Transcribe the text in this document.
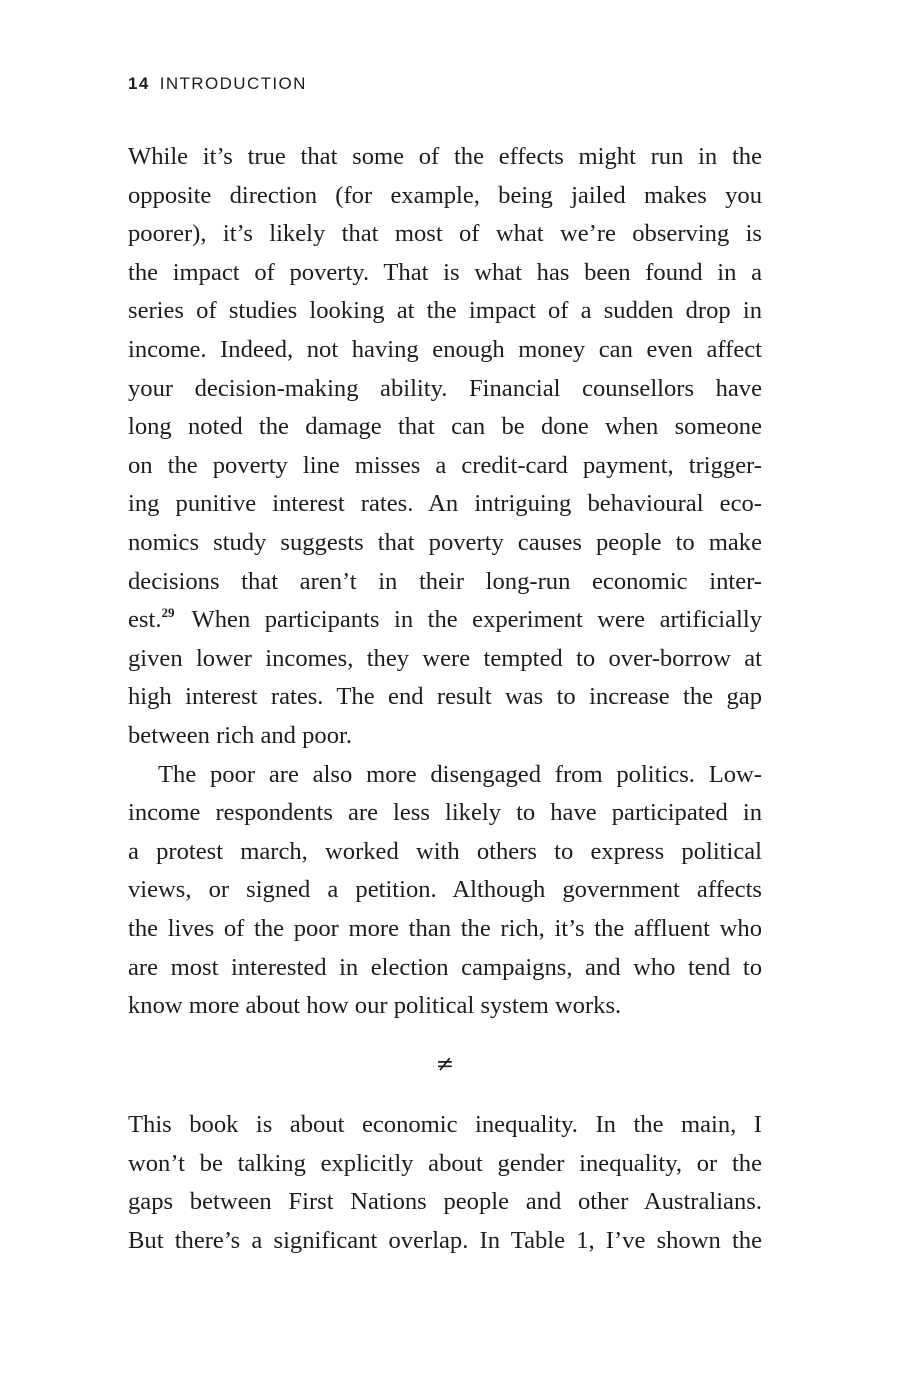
14 INTRODUCTION
While it’s true that some of the effects might run in the
opposite direction (for example, being jailed makes you
poorer), it’s likely that most of what we’re observing is
the impact of poverty. That is what has been found in a
series of studies looking at the impact of a sudden drop in
income. Indeed, not having enough money can even affect
your decision-making ability. Financial counsellors have
long noted the damage that can be done when someone
on the poverty line misses a credit-card payment, trigger-
ing punitive interest rates. An intriguing behavioural eco-
nomics study suggests that poverty causes people to make
decisions that aren’t in their long-run economic inter-
est.$^{29}$ When participants in the experiment were artificially
given lower incomes, they were tempted to over-borrow at
high interest rates. The end result was to increase the gap
between rich and poor.
The poor are also more disengaged from politics. Low-
income respondents are less likely to have participated in
a protest march, worked with others to express political
views, or signed a petition. Although government affects
the lives of the poor more than the rich, it’s the affluent who
are most interested in election campaigns, and who tend to
know more about how our political system works.
≠
This book is about economic inequality. In the main, I
won’t be talking explicitly about gender inequality, or the
gaps between First Nations people and other Australians.
But there’s a significant overlap. In Table 1, I’ve shown the
